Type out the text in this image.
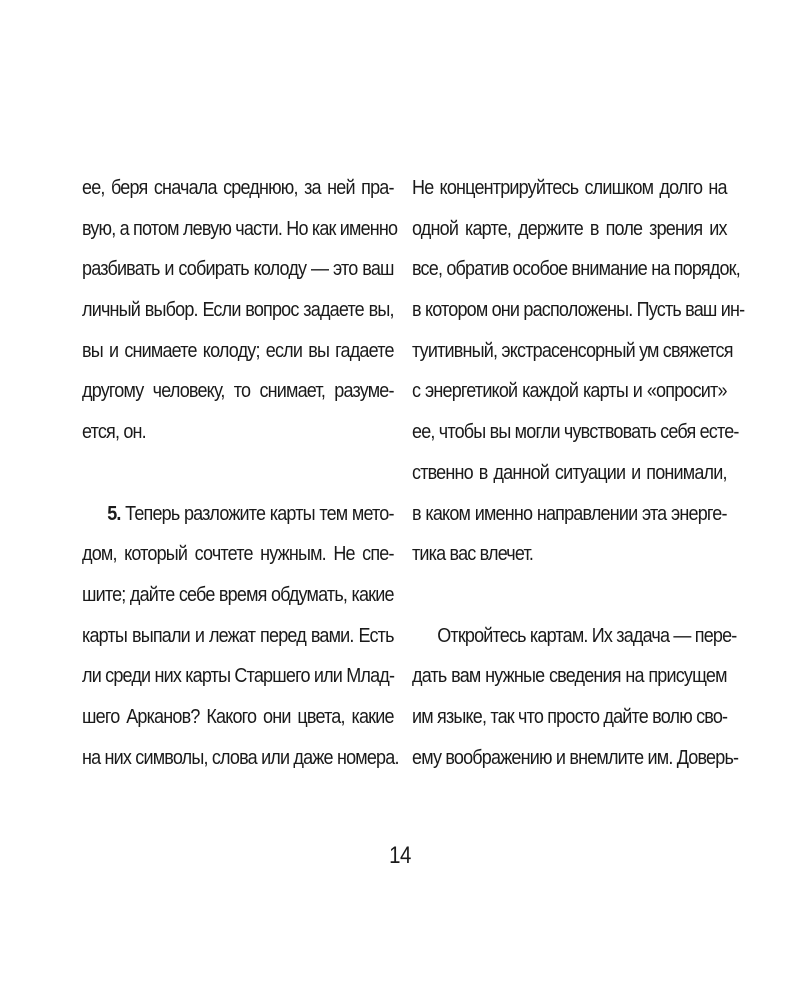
ее, беря сначала среднюю, за ней пра-
вую, а потом левую части. Но как именно
разбивать и собирать колоду — это ваш
личный выбор. Если вопрос задаете вы,
вы и снимаете колоду; если вы гадаете
другому человеку, то снимает, разуме-
ется, он.
5. Теперь разложите карты тем мето-
дом, который сочтете нужным. Не спе-
шите; дайте себе время обдумать, какие
карты выпали и лежат перед вами. Есть
ли среди них карты Старшего или Млад-
шего Арканов? Какого они цвета, какие
на них символы, слова или даже номера.
Не концентрируйтесь слишком долго на
одной карте, держите в поле зрения их
все, обратив особое внимание на порядок,
в котором они расположены. Пусть ваш ин-
туитивный, экстрасенсорный ум свяжется
с энергетикой каждой карты и «опросит»
ее, чтобы вы могли чувствовать себя есте-
ственно в данной ситуации и понимали,
в каком именно направлении эта энерге-
тика вас влечет.
Откройтесь картам. Их задача — пере-
дать вам нужные сведения на присущем
им языке, так что просто дайте волю сво-
ему воображению и внемлите им. Доверь-
14
